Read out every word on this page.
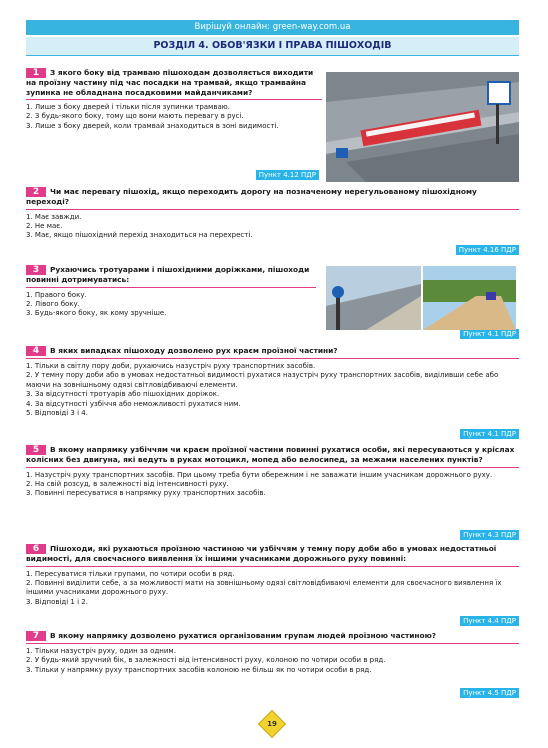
Вирішуй онлайн: green-way.com.ua
РОЗДІЛ 4. ОБОВ'ЯЗКИ І ПРАВА ПІШОХОДІВ
1 З якого боку від трамваю пішоходам дозволяється виходити на проїзну частину під час посадки на трамвай, якщо трамвайна зупинка не обладнана посадковими майданчиками?
1. Лише з боку дверей і тільки після зупинки трамваю.
2. З будь-якого боку, тому що вони мають перевагу в русі.
3. Лише з боку дверей, коли трамвай знаходиться в зоні видимості.
Пункт 4.12 ПДР
2 Чи має перевагу пішохід, якщо переходить дорогу на позначеному нерегульованому пішохідному переході?
1. Має завжди.
2. Не має.
3. Має, якщо пішохідний перехід знаходиться на перехресті.
Пункт 4.16 ПДР
3 Рухаючись тротуарами і пішохідними доріжками, пішоходи повинні дотримуватись:
1. Правого боку.
2. Лівого боку.
3. Будь-якого боку, як кому зручніше.
Пункт 4.1 ПДР
4 В яких випадках пішоходу дозволено рух краєм проїзної частини?
1. Тільки в світлу пору доби, рухаючись назустріч руху транспортних засобів.
2. У темну пору доби або в умовах недостатньої видимості рухатися назустріч руху транспортних засобів, виділивши себе або маючи на зовнішньому одязі світловідбиваючі елементи.
3. За відсутності тротуарів або пішохідних доріжок.
4. За відсутності узбіччя або неможливості рухатися ним.
5. Відповіді 3 і 4.
Пункт 4.1 ПДР
5 В якому напрямку узбіччям чи краєм проїзної частини повинні рухатися особи, які пересуваються у кріслах колісних без двигуна, які ведуть в руках мотоцикл, мопед або велосипед, за межами населених пунктів?
1. Назустріч руху транспортних засобів. При цьому треба бути обережним і не заважати іншим учасникам дорожнього руху.
2. На свій розсуд, в залежності від інтенсивності руху.
3. Повинні пересуватися в напрямку руху транспортних засобів.
Пункт 4.3 ПДР
6 Пішоходи, які рухаються проїзною частиною чи узбіччям у темну пору доби або в умовах недостатньої видимості, для своєчасного виявлення їх іншими учасниками дорожнього руху повинні:
1. Пересуватися тільки групами, по чотири особи в ряд.
2. Повинні виділити себе, а за можливості мати на зовнішньому одязі світловідбиваючі елементи для своєчасного виявлення їх іншими учасниками дорожнього руху.
3. Відповіді 1 і 2.
Пункт 4.4 ПДР
7 В якому напрямку дозволено рухатися організованим групам людей проїзною частиною?
1. Тільки назустріч руху, один за одним.
2. У будь-який зручний бік, в залежності від інтенсивності руху, колоною по чотири особи в ряд.
3. Тільки у напрямку руху транспортних засобів колоною не більш як по чотири особи в ряд.
Пункт 4.5 ПДР
19
